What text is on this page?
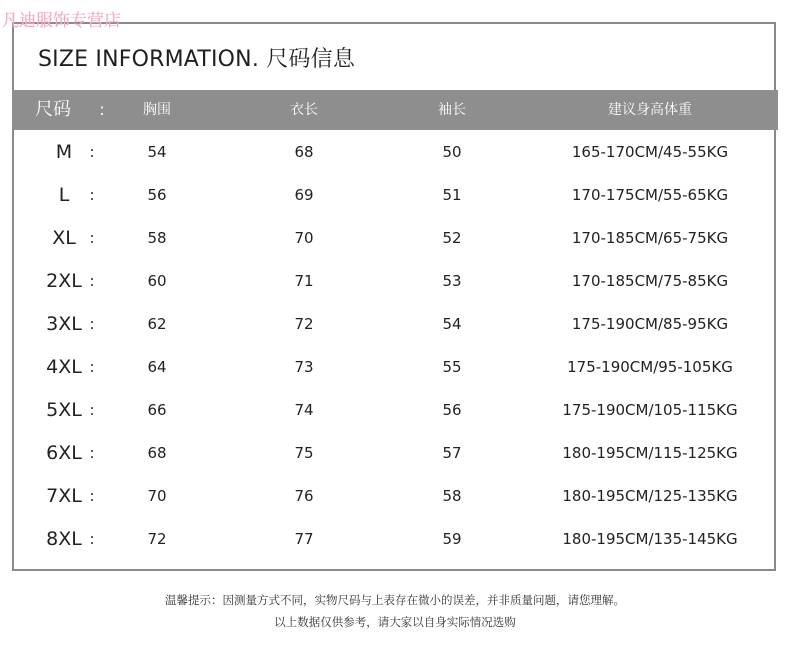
凡迪服饰专营店
SIZE INFORMATION. 尺码信息
尺码	:	胸围	衣长	袖长	建议身高体重
M	:	54	68	50	165-170CM/45-55KG
L	:	56	69	51	170-175CM/55-65KG
XL :	58	70	52	170-185CM/65-75KG
2XL :	60	71	53	170-185CM/75-85KG
3XL :	62	72	54	175-190CM/85-95KG
4XL :	64	73	55	175-190CM/95-105KG
5XL :	66	74	56	175-190CM/105-115KG
6XL :	68	75	57	180-195CM/115-125KG
7XL :	70	76	58	180-195CM/125-135KG
8XL :	72	77	59	180-195CM/135-145KG
温馨提示：因测量方式不同，实物尺码与上表存在微小的误差，并非质量问题，请您理解。
以上数据仅供参考，请大家以自身实际情况选购
